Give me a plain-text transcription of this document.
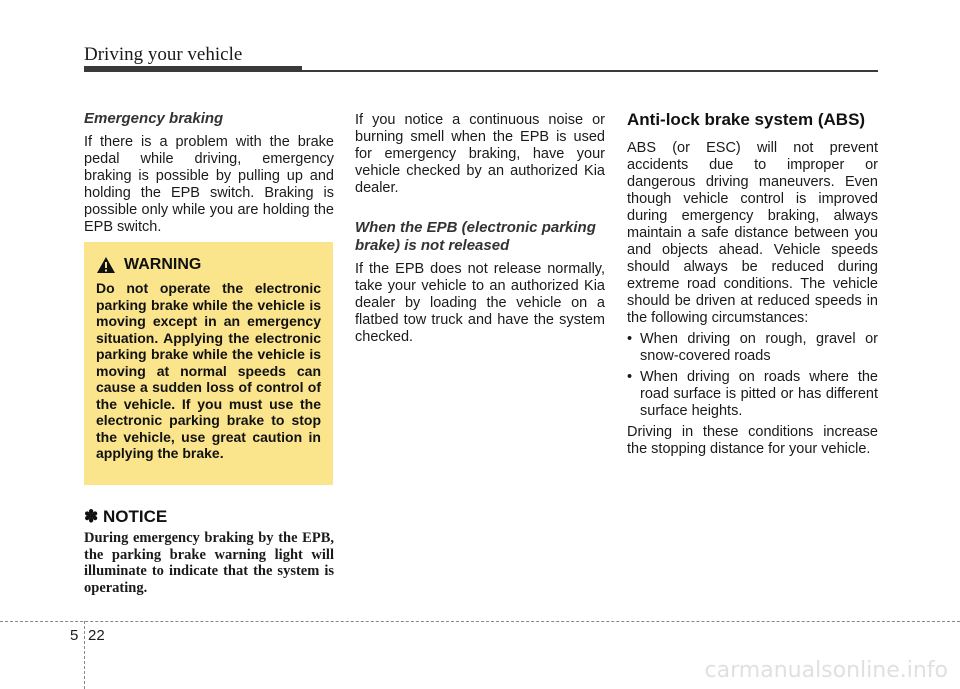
Driving your vehicle

Emergency braking

If there is a problem with the brake pedal while driving, emergency braking is possible by pulling up and holding the EPB switch. Braking is possible only while you are holding the EPB switch.

WARNING

Do not operate the electronic parking brake while the vehicle is moving except in an emergency situation. Applying the electronic parking brake while the vehicle is moving at normal speeds can cause a sudden loss of control of the vehicle. If you must use the electronic parking brake to stop the vehicle, use great caution in applying the brake.

✽ NOTICE

During emergency braking by the EPB, the parking brake warning light will illuminate to indicate that the system is operating.

If you notice a continuous noise or burning smell when the EPB is used for emergency braking, have your vehicle checked by an authorized Kia dealer.

When the EPB (electronic parking brake) is not released

If the EPB does not release normally, take your vehicle to an authorized Kia dealer by loading the vehicle on a flatbed tow truck and have the system checked.

Anti-lock brake system (ABS)

ABS (or ESC) will not prevent accidents due to improper or dangerous driving maneuvers. Even though vehicle control is improved during emergency braking, always maintain a safe distance between you and objects ahead. Vehicle speeds should always be reduced during extreme road conditions. The vehicle should be driven at reduced speeds in the following circumstances:

• When driving on rough, gravel or snow-covered roads
• When driving on roads where the road surface is pitted or has different surface heights.

Driving in these conditions increase the stopping distance for your vehicle.

5 22
carmanualsonline.info
